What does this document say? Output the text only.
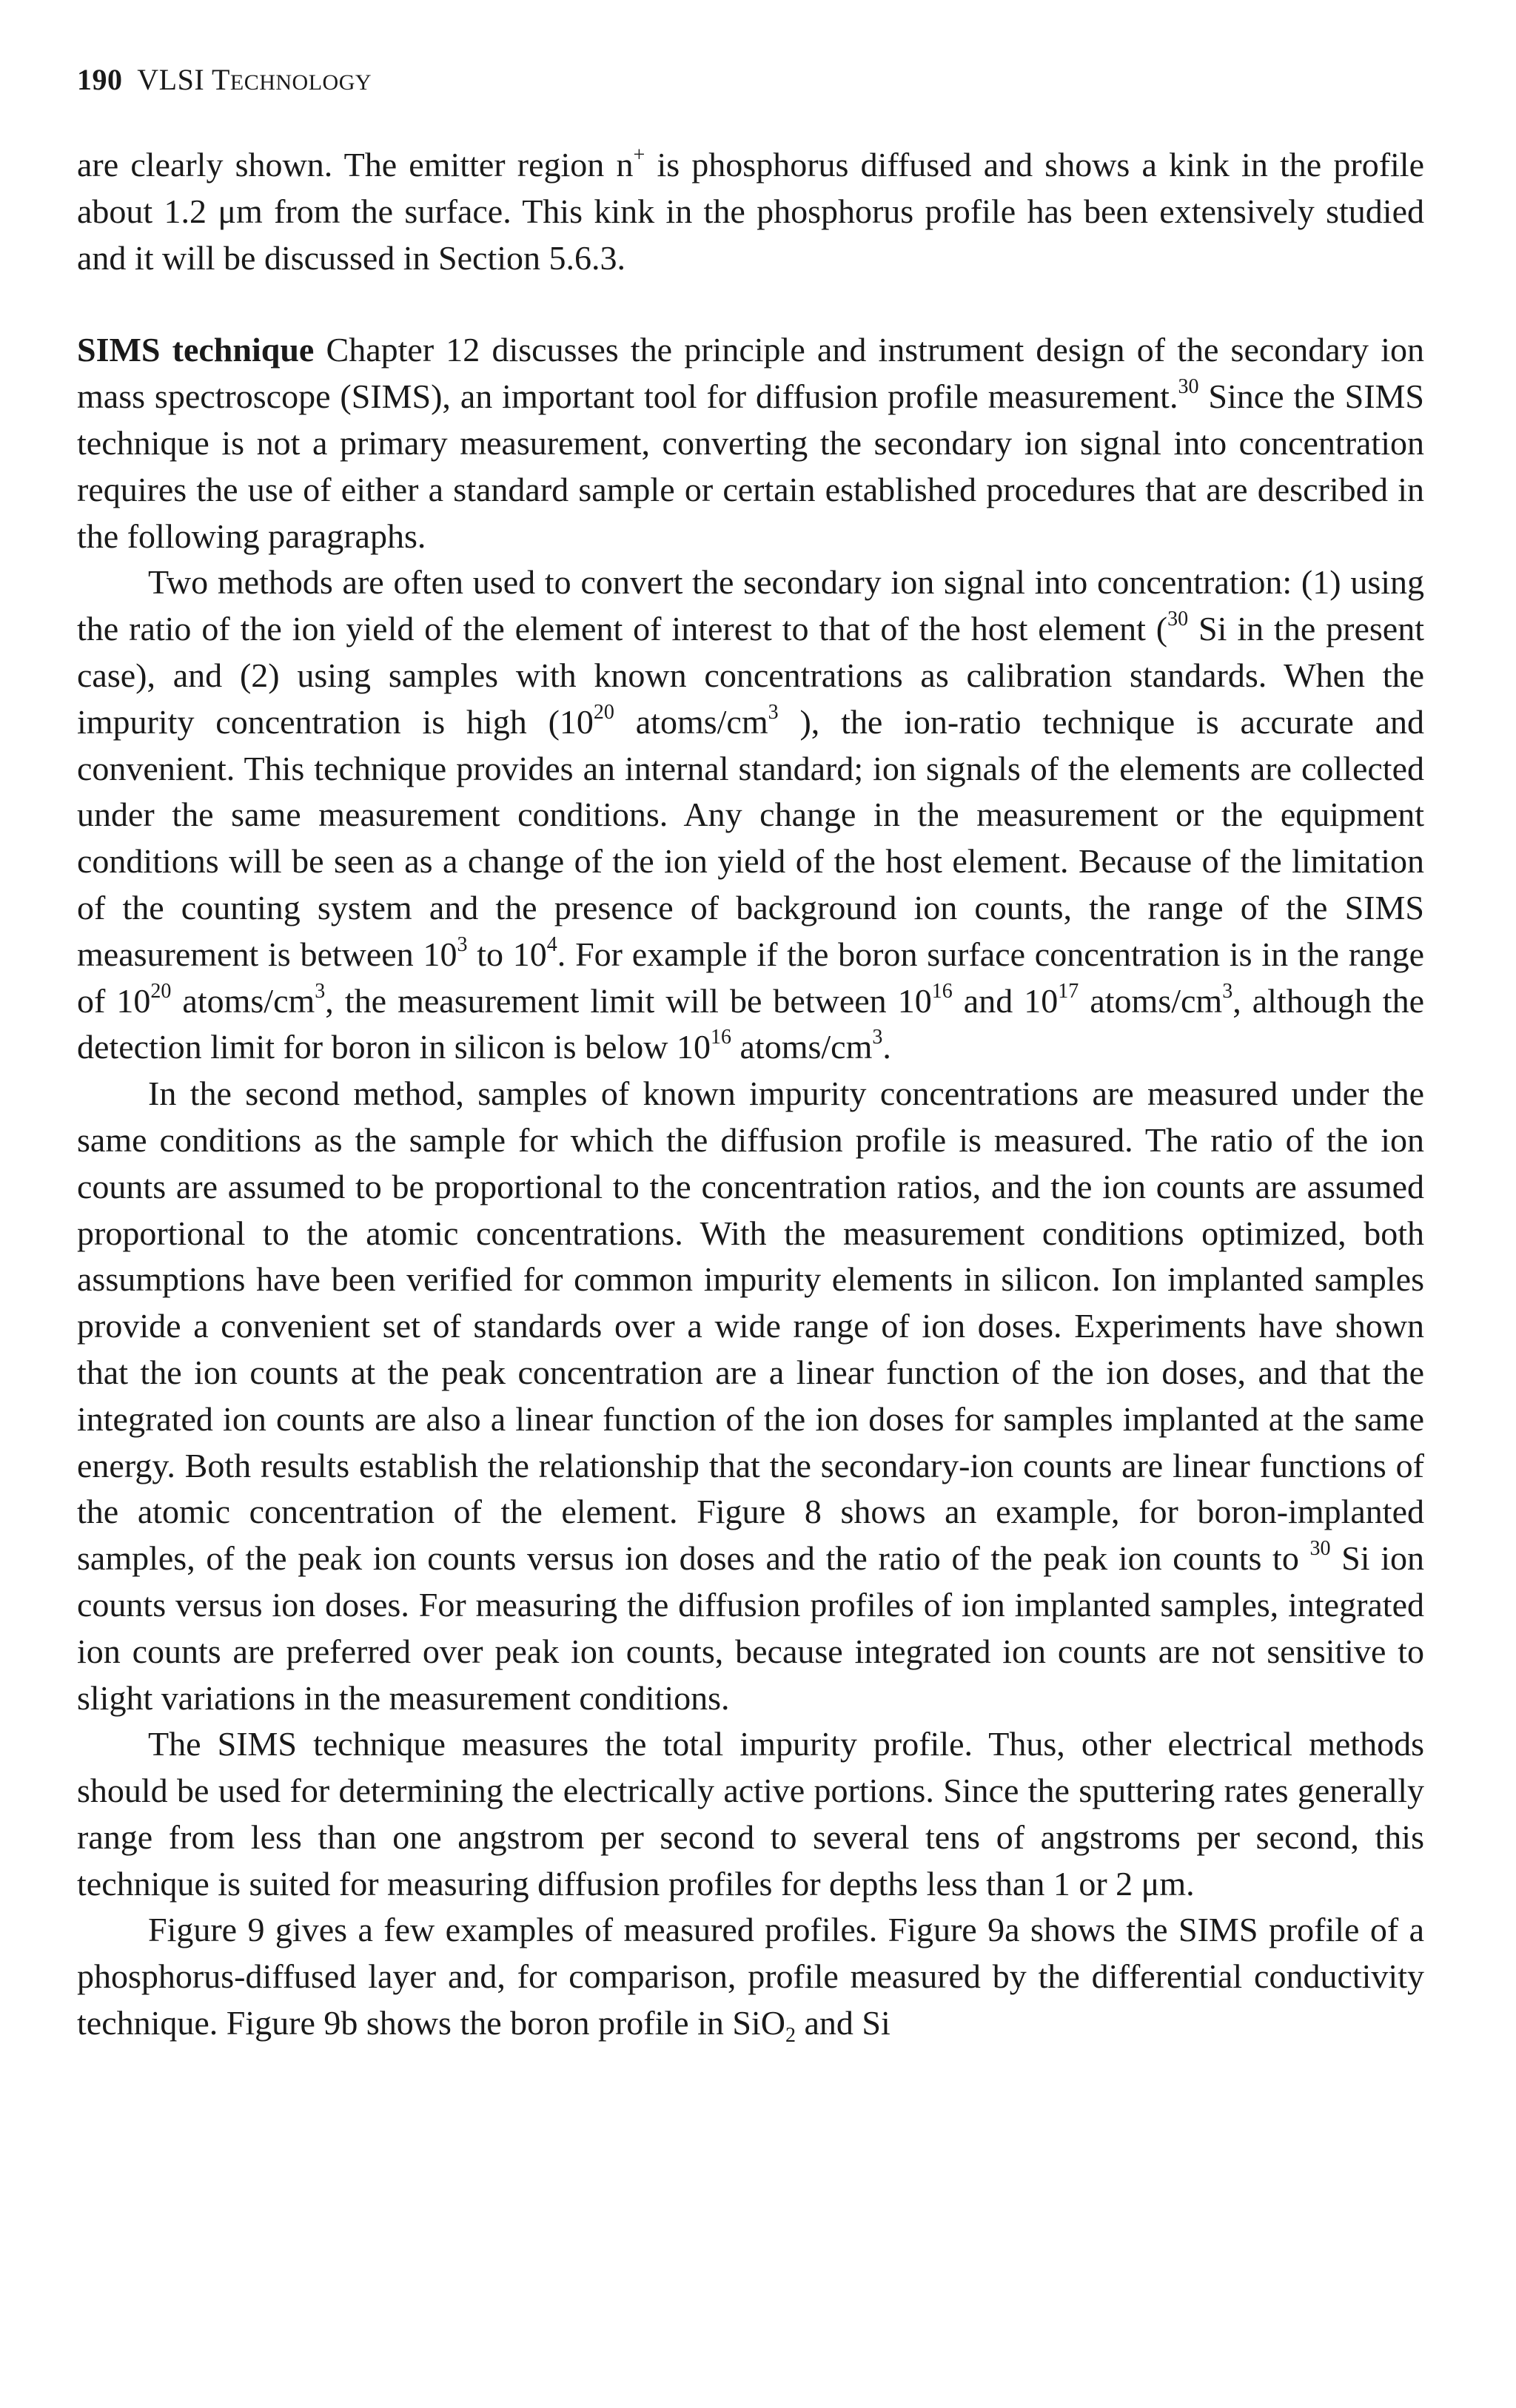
190 VLSI TECHNOLOGY

are clearly shown. The emitter region n+ is phosphorus diffused and shows a kink in the profile about 1.2 μm from the surface. This kink in the phosphorus profile has been extensively studied and it will be discussed in Section 5.6.3.

SIMS technique Chapter 12 discusses the principle and instrument design of the secondary ion mass spectroscope (SIMS), an important tool for diffusion profile measurement.$^{30}$ Since the SIMS technique is not a primary measurement, converting the secondary ion signal into concentration requires the use of either a standard sample or certain established procedures that are described in the following paragraphs.

Two methods are often used to convert the secondary ion signal into concentration: (1) using the ratio of the ion yield of the element of interest to that of the host element ($^{30}$ Si in the present case), and (2) using samples with known concentrations as calibration standards. When the impurity concentration is high ($10^{20}$ atoms/$cm^3$ ), the ion-ratio technique is accurate and convenient. This technique provides an internal standard; ion signals of the elements are collected under the same measurement conditions. Any change in the measurement or the equipment conditions will be seen as a change of the ion yield of the host element. Because of the limitation of the counting system and the presence of background ion counts, the range of the SIMS measurement is between $10^3$ to $10^4$. For example if the boron surface concentration is in the range of $10^{20}$ atoms/$cm^3$, the measurement limit will be between $10^{16}$ and $10^{17}$ atoms/$cm^3$, although the detection limit for boron in silicon is below $10^{16}$ atoms/$cm^3$.

In the second method, samples of known impurity concentrations are measured under the same conditions as the sample for which the diffusion profile is measured. The ratio of the ion counts are assumed to be proportional to the concentration ratios, and the ion counts are assumed proportional to the atomic concentrations. With the measurement conditions optimized, both assumptions have been verified for common impurity elements in silicon. Ion implanted samples provide a convenient set of standards over a wide range of ion doses. Experiments have shown that the ion counts at the peak concentration are a linear function of the ion doses, and that the integrated ion counts are also a linear function of the ion doses for samples implanted at the same energy. Both results establish the relationship that the secondary-ion counts are linear functions of the atomic concentration of the element. Figure 8 shows an example, for boron-implanted samples, of the peak ion counts versus ion doses and the ratio of the peak ion counts to $^{30}$ Si ion counts versus ion doses. For measuring the diffusion profiles of ion implanted samples, integrated ion counts are preferred over peak ion counts, because integrated ion counts are not sensitive to slight variations in the measurement conditions.

The SIMS technique measures the total impurity profile. Thus, other electrical methods should be used for determining the electrically active portions. Since the sputtering rates generally range from less than one angstrom per second to several tens of angstroms per second, this technique is suited for measuring diffusion profiles for depths less than 1 or 2 μm.

Figure 9 gives a few examples of measured profiles. Figure 9a shows the SIMS profile of a phosphorus-diffused layer and, for comparison, profile measured by the differential conductivity technique. Figure 9b shows the boron profile in SiO$_2$ and Si
